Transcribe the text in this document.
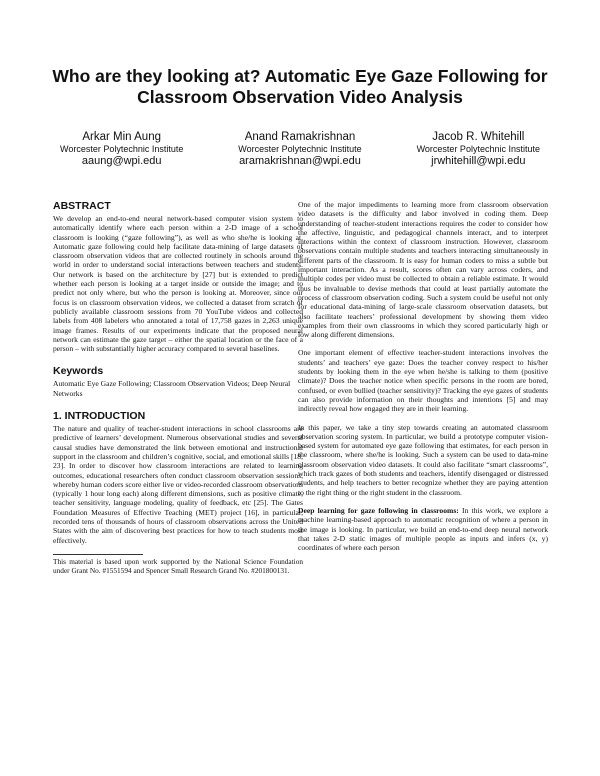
Who are they looking at? Automatic Eye Gaze Following for Classroom Observation Video Analysis
Arkar Min Aung
Worcester Polytechnic Institute
aaung@wpi.edu
Anand Ramakrishnan
Worcester Polytechnic Institute
aramakrishnan@wpi.edu
Jacob R. Whitehill
Worcester Polytechnic Institute
jrwhitehill@wpi.edu
ABSTRACT

We develop an end-to-end neural network-based computer vision system to automatically identify where each person within a 2-D image of a school classroom is looking (“gaze following”), as well as who she/he is looking at. Automatic gaze following could help facilitate data-mining of large datasets of classroom observation videos that are collected routinely in schools around the world in order to understand social interactions between teachers and students. Our network is based on the architecture by [27] but is extended to predict whether each person is looking at a target inside or outside the image; and to predict not only where, but who the person is looking at. Moreover, since our focus is on classroom observation videos, we collected a dataset from scratch of publicly available classroom sessions from 70 YouTube videos and collected labels from 408 labelers who annotated a total of 17,758 gazes in 2,263 unique image frames. Results of our experiments indicate that the proposed neural network can estimate the gaze target – either the spatial location or the face of a person – with substantially higher accuracy compared to several baselines.

Keywords

Automatic Eye Gaze Following; Classroom Observation Videos; Deep Neural Networks

1. INTRODUCTION

The nature and quality of teacher-student interactions in school classrooms are predictive of learners’ development. Numerous observational studies and several causal studies have demonstrated the link between emotional and instructional support in the classroom and children’s cognitive, social, and emotional skills [18, 23]. In order to discover how classroom interactions are related to learning outcomes, educational researchers often conduct classroom observation sessions, whereby human coders score either live or video-recorded classroom observations (typically 1 hour long each) along different dimensions, such as positive climate, teacher sensitivity, language modeling, quality of feedback, etc [25]. The Gates Foundation Measures of Effective Teaching (MET) project [16], in particular, recorded tens of thousands of hours of classroom observations across the United States with the aim of discovering best practices for how to teach students most effectively.

This material is based upon work supported by the National Science Foundation under Grant No. #1551594 and Spencer Small Research Grand No. #201800131.

One of the major impediments to learning more from classroom observation video datasets is the difficulty and labor involved in coding them. Deep understanding of teacher-student interactions requires the coder to consider how the affective, linguistic, and pedagogical channels interact, and to interpret interactions within the context of classroom instruction. However, classroom observations contain multiple students and teachers interacting simultaneously in different parts of the classroom. It is easy for human coders to miss a subtle but important interaction. As a result, scores often can vary across coders, and multiple codes per video must be collected to obtain a reliable estimate. It would thus be invaluable to devise methods that could at least partially automate the process of classroom observation coding. Such a system could be useful not only for educational data-mining of large-scale classroom observation datasets, but also facilitate teachers’ professional development by showing them video examples from their own classrooms in which they scored particularly high or low along different dimensions.

One important element of effective teacher-student interactions involves the students’ and teachers’ eye gaze: Does the teacher convey respect to his/her students by looking them in the eye when he/she is talking to them (positive climate)? Does the teacher notice when specific persons in the room are bored, confused, or even bullied (teacher sensitivity)? Tracking the eye gazes of students can also provide information on their thoughts and intentions [5] and may indirectly reveal how engaged they are in their learning.

In this paper, we take a tiny step towards creating an automated classroom observation scoring system. In particular, we build a prototype computer vision-based system for automated eye gaze following that estimates, for each person in the classroom, where she/he is looking. Such a system can be used to data-mine classroom observation video datasets. It could also facilitate “smart classrooms”, which track gazes of both students and teachers, identify disengaged or distressed students, and help teachers to better recognize whether they are paying attention to the right thing or the right student in the classroom.

Deep learning for gaze following in classrooms: In this work, we explore a machine learning-based approach to automatic recognition of where a person in the image is looking. In particular, we build an end-to-end deep neural network that takes 2-D static images of multiple people as inputs and infers (x, y) coordinates of where each person
